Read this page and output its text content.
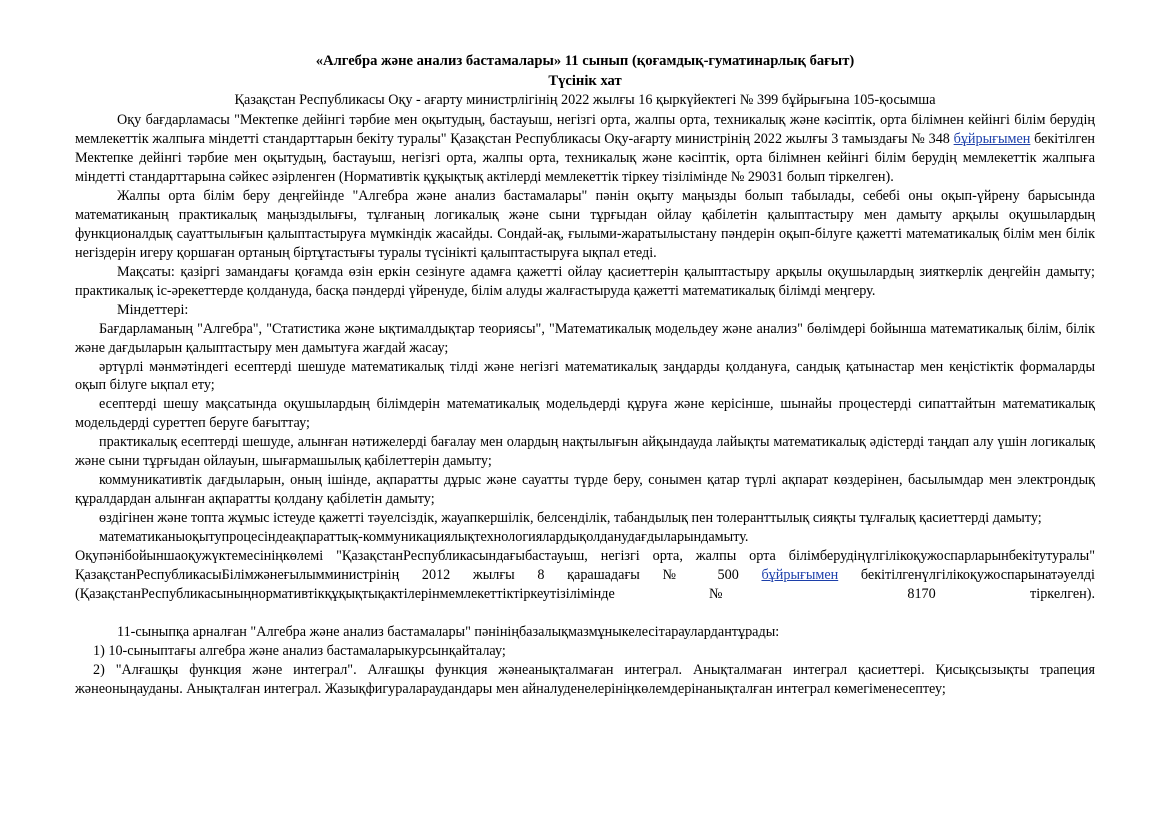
«Алгебра және анализ бастамалары» 11 сынып (қоғамдық-гуматинарлық бағыт)
Түсінік хат
Қазақстан Республикасы Оқу - ағарту министрлігінің 2022 жылғы 16 қыркүйектегі № 399 бұйрығына 105-қосымша

Оқу бағдарламасы "Мектепке дейінгі тәрбие мен оқытудың, бастауыш, негізгі орта, жалпы орта, техникалық және кәсіптік, орта білімнен кейінгі білім берудің мемлекеттік жалпыға міндетті стандарттарын бекіту туралы" Қазақстан Республикасы Оқу-ағарту министрінің 2022 жылғы 3 тамыздағы № 348 бұйрығымен бекітілген Мектепке дейінгі тәрбие мен оқытудың, бастауыш, негізгі орта, жалпы орта, техникалық және кәсіптік, орта білімнен кейінгі білім берудің мемлекеттік жалпыға міндетті стандарттарына сәйкес әзірленген (Нормативтік құқықтық актілерді мемлекеттік тіркеу тізілімінде № 29031 болып тіркелген).

Жалпы орта білім беру деңгейінде "Алгебра және анализ бастамалары" пәнін оқыту маңызды болып табылады, себебі оны оқып-үйрену барысында математиканың практикалық маңыздылығы, тұлғаның логикалық және сыни тұрғыдан ойлау қабілетін қалыптастыру мен дамыту арқылы оқушылардың функционалдық сауаттылығын қалыптастыруға мүмкіндік жасайды. Сондай-ақ, ғылыми-жаратылыстану пәндерін оқып-білуге қажетті математикалық білім мен білік негіздерін игеру қоршаған ортаның біртұтастығы туралы түсінікті қалыптастыруға ықпал етеді.

Мақсаты: қазіргі замандағы қоғамда өзін еркін сезінуге адамға қажетті ойлау қасиеттерін қалыптастыру арқылы оқушылардың зияткерлік деңгейін дамыту; практикалық іс-әрекеттерде қолдануда, басқа пәндерді үйренуде, білім алуды жалғастыруда қажетті математикалық білімді меңгеру.

Міндеттері:

Бағдарламаның "Алгебра", "Статистика және ықтималдықтар теориясы", "Математикалық модельдеу және анализ" бөлімдері бойынша математикалық білім, білік және дағдыларын қалыптастыру мен дамытуға жағдай жасау;

әртүрлі мәнмәтіндегі есептерді шешуде математикалық тілді және негізгі математикалық заңдарды қолдануға, сандық қатынастар мен кеңістіктік формаларды оқып білуге ықпал ету;

есептерді шешу мақсатында оқушылардың білімдерін математикалық модельдерді құруға және керісінше, шынайы процестерді сипаттайтын математикалық модельдерді суреттеп беруге бағыттау;

практикалық есептерді шешуде, алынған нәтижелерді бағалау мен олардың нақтылығын айқындауда лайықты математикалық әдістерді таңдап алу үшін логикалық және сыни тұрғыдан ойлауын, шығармашылық қабілеттерін дамыту;

коммуникативтік дағдыларын, оның ішінде, ақпаратты дұрыс және сауатты түрде беру, сонымен қатар түрлі ақпарат көздерінен, басылымдар мен электрондық құралдардан алынған ақпаратты қолдану қабілетін дамыту;

өздігінен және топта жұмыс істеуде қажетті тәуелсіздік, жауапкершілік, белсенділік, табандылық пен толеранттылық сияқты тұлғалық қасиеттерді дамыту;

математиканыоқытупроцесіндеақпараттық-коммуникациялықтехнологиялардықолданудағдыларындамыту.

Оқупәнібойыншаоқужүктемесініңкөлемі "ҚазақстанРеспубликасындағыбастауыш, негізгі орта, жалпы орта білімберудіңүлгілікоқужоспарларынбекітутуралы" ҚазақстанРеспубликасыБілімжәнеғылымминистрінің 2012 жылғы 8 қарашадағы № 500 бұйрығымен бекітілгенүлгілікоқужоспарынатәуелді (ҚазақстанРеспубликасыныңнормативтікқұқықтықактілерінмемлекеттіктіркеутізілімінде № 8170 тіркелген).

11-сыныпқа арналған "Алгебра және анализ бастамалары" пәнініңбазалықмазмұныкелесітараулардантұрады:

1) 10-сыныптағы алгебра және анализ бастамаларыкурсынқайталау;

2) "Алғашқы функция және интеграл". Алғашқы функция жәнеанықталмаған интеграл. Анықталмаған интеграл қасиеттері. Қисықсызықты трапеция жәнеоныңауданы. Анықталған интеграл. Жазықфигуралараудандары мен айналуденелерініңкөлемдерінанықталған интеграл көмегіменесептеу;
